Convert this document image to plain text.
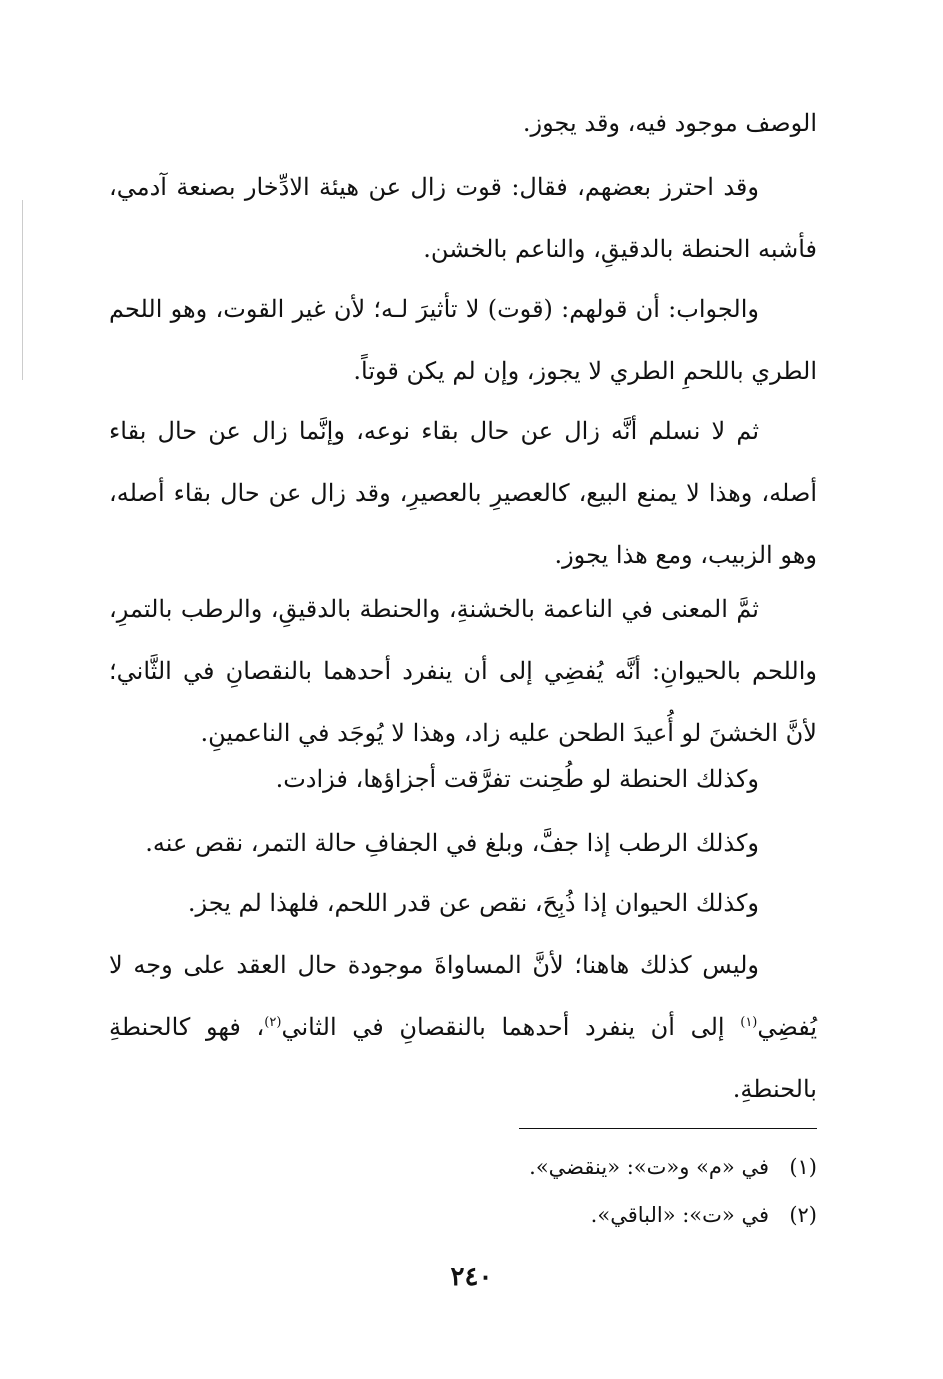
الوصف موجود فيه، وقد يجوز.
وقد احترز بعضهم، فقال: قوت زال عن هيئة الادِّخار بصنعة آدمي، فأشبه الحنطة بالدقيقِ، والناعم بالخشن.
والجواب: أن قولهم: (قوت) لا تأثيرَ لـه؛ لأن غير القوت، وهو اللحم الطري باللحمِ الطري لا يجوز، وإن لم يكن قوتاً.
ثم لا نسلم أنَّه زال عن حال بقاء نوعه، وإنَّما زال عن حال بقاء أصله، وهذا لا يمنع البيع، كالعصيرِ بالعصيرِ، وقد زال عن حال بقاء أصله، وهو الزبيب، ومع هذا يجوز.
ثمَّ المعنى في الناعمة بالخشنةِ، والحنطة بالدقيقِ، والرطب بالتمرِ، واللحم بالحيوانِ: أنَّه يُفضِي إلى أن ينفرد أحدهما بالنقصانِ في الثَّاني؛ لأنَّ الخشنَ لو أُعيدَ الطحن عليه زاد، وهذا لا يُوجَد في الناعمينِ.
وكذلك الحنطة لو طُحِنت تفرَّقت أجزاؤها، فزادت.
وكذلك الرطب إذا جفَّ، وبلغ في الجفافِ حالة التمر، نقص عنه.
وكذلك الحيوان إذا ذُبِحَ، نقص عن قدر اللحم، فلهذا لم يجز.
وليس كذلك هاهنا؛ لأنَّ المساواةَ موجودة حال العقد على وجه لا يُفضِي$^{(١)}$ إلى أن ينفرد أحدهما بالنقصانِ في الثاني$^{(٢)}$، فهو كالحنطةِ بالحنطةِ.
(١)في «م» و«ت»: «ينقضي».
(٢)في «ت»: «الباقي».
٢٤٠
